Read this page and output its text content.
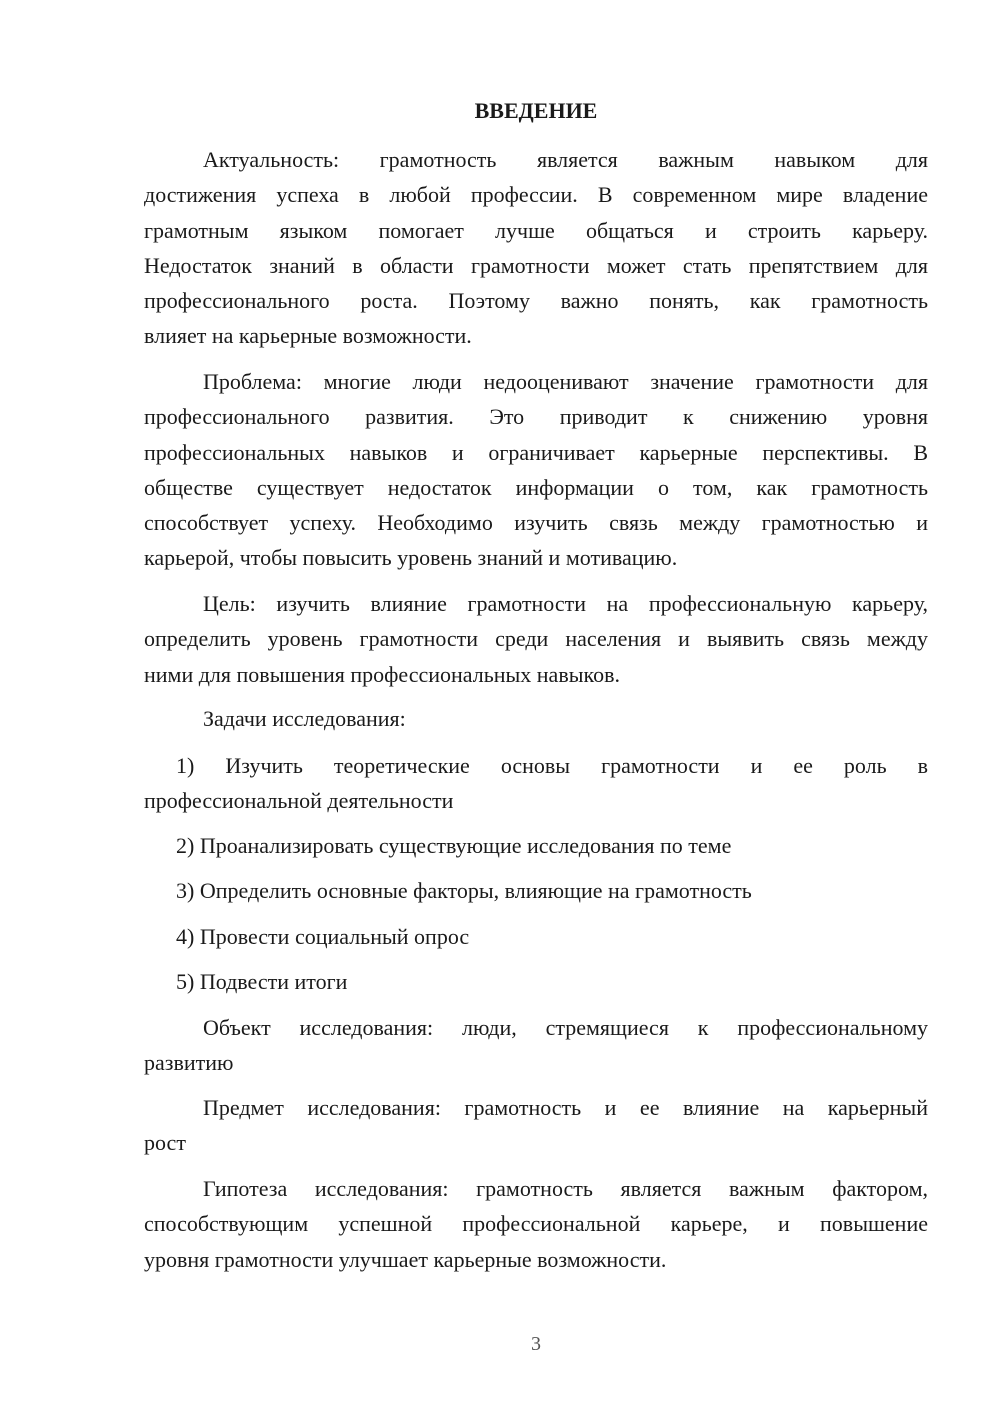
ВВЕДЕНИЕ
Актуальность: грамотность является важным навыком для
достижения успеха в любой профессии. В современном мире владение
грамотным языком помогает лучше общаться и строить карьеру.
Недостаток знаний в области грамотности может стать препятствием для
профессионального роста. Поэтому важно понять, как грамотность
влияет на карьерные возможности.
Проблема: многие люди недооценивают значение грамотности для
профессионального развития. Это приводит к снижению уровня
профессиональных навыков и ограничивает карьерные перспективы. В
обществе существует недостаток информации о том, как грамотность
способствует успеху. Необходимо изучить связь между грамотностью и
карьерой, чтобы повысить уровень знаний и мотивацию.
Цель: изучить влияние грамотности на профессиональную карьеру,
определить уровень грамотности среди населения и выявить связь между
ними для повышения профессиональных навыков.
Задачи исследования:
1) Изучить теоретические основы грамотности и ее роль в
профессиональной деятельности
2) Проанализировать существующие исследования по теме
3) Определить основные факторы, влияющие на грамотность
4) Провести социальный опрос
5) Подвести итоги
Объект исследования: люди, стремящиеся к профессиональному
развитию
Предмет исследования: грамотность и ее влияние на карьерный
рост
Гипотеза исследования: грамотность является важным фактором,
способствующим успешной профессиональной карьере, и повышение
уровня грамотности улучшает карьерные возможности.
3
